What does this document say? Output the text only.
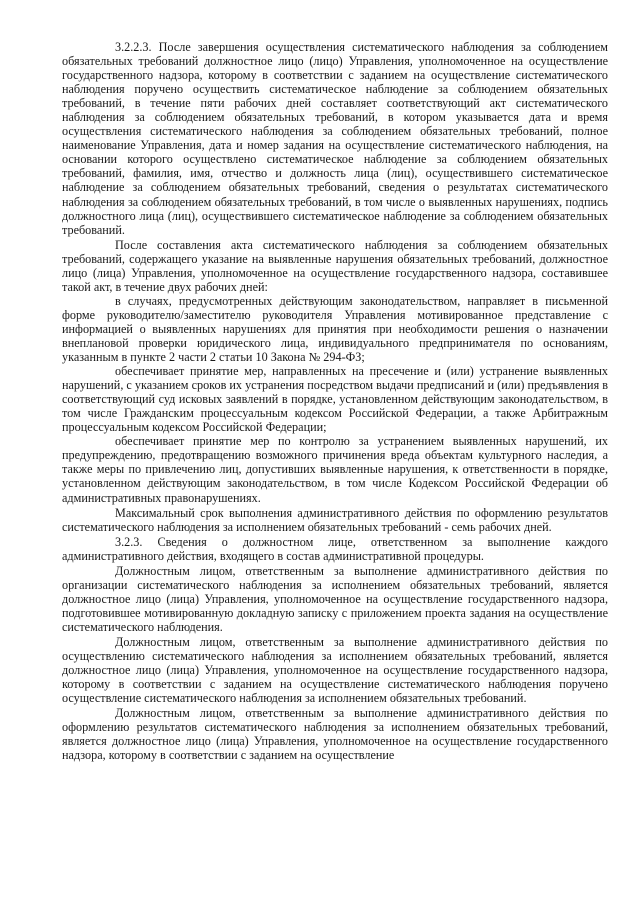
3.2.2.3. После завершения осуществления систематического наблюдения за соблюдением обязательных требований должностное лицо (лицо) Управления, уполномоченное на осуществление государственного надзора, которому в соответствии с заданием на осуществление систематического наблюдения поручено осуществить систематическое наблюдение за соблюдением обязательных требований, в течение пяти рабочих дней составляет соответствующий акт систематического наблюдения за соблюдением обязательных требований, в котором указывается дата и время осуществления систематического наблюдения за соблюдением обязательных требований, полное наименование Управления, дата и номер задания на осуществление систематического наблюдения, на основании которого осуществлено систематическое наблюдение за соблюдением обязательных требований, фамилия, имя, отчество и должность лица (лиц), осуществившего систематическое наблюдение за соблюдением обязательных требований, сведения о результатах систематического наблюдения за соблюдением обязательных требований, в том числе о выявленных нарушениях, подпись должностного лица (лиц), осуществившего систематическое наблюдение за соблюдением обязательных требований.

После составления акта систематического наблюдения за соблюдением обязательных требований, содержащего указание на выявленные нарушения обязательных требований, должностное лицо (лица) Управления, уполномоченное на осуществление государственного надзора, составившее такой акт, в течение двух рабочих дней:

в случаях, предусмотренных действующим законодательством, направляет в письменной форме руководителю/заместителю руководителя Управления мотивированное представление с информацией о выявленных нарушениях для принятия при необходимости решения о назначении внеплановой проверки юридического лица, индивидуального предпринимателя по основаниям, указанным в пункте 2 части 2 статьи 10 Закона № 294-ФЗ;

обеспечивает принятие мер, направленных на пресечение и (или) устранение выявленных нарушений, с указанием сроков их устранения посредством выдачи предписаний и (или) предъявления в соответствующий суд исковых заявлений в порядке, установленном действующим законодательством, в том числе Гражданским процессуальным кодексом Российской Федерации, а также Арбитражным процессуальным кодексом Российской Федерации;

обеспечивает принятие мер по контролю за устранением выявленных нарушений, их предупреждению, предотвращению возможного причинения вреда объектам культурного наследия, а также меры по привлечению лиц, допустивших выявленные нарушения, к ответственности в порядке, установленном действующим законодательством, в том числе Кодексом Российской Федерации об административных правонарушениях.

Максимальный срок выполнения административного действия по оформлению результатов систематического наблюдения за исполнением обязательных требований - семь рабочих дней.

3.2.3. Сведения о должностном лице, ответственном за выполнение каждого административного действия, входящего в состав административной процедуры.

Должностным лицом, ответственным за выполнение административного действия по организации систематического наблюдения за исполнением обязательных требований, является должностное лицо (лица) Управления, уполномоченное на осуществление государственного надзора, подготовившее мотивированную докладную записку с приложением проекта задания на осуществление систематического наблюдения.

Должностным лицом, ответственным за выполнение административного действия по осуществлению систематического наблюдения за исполнением обязательных требований, является должностное лицо (лица) Управления, уполномоченное на осуществление государственного надзора, которому в соответствии с заданием на осуществление систематического наблюдения поручено осуществление систематического наблюдения за исполнением обязательных требований.

Должностным лицом, ответственным за выполнение административного действия по оформлению результатов систематического наблюдения за исполнением обязательных требований, является должностное лицо (лица) Управления, уполномоченное на осуществление государственного надзора, которому в соответствии с заданием на осуществление
